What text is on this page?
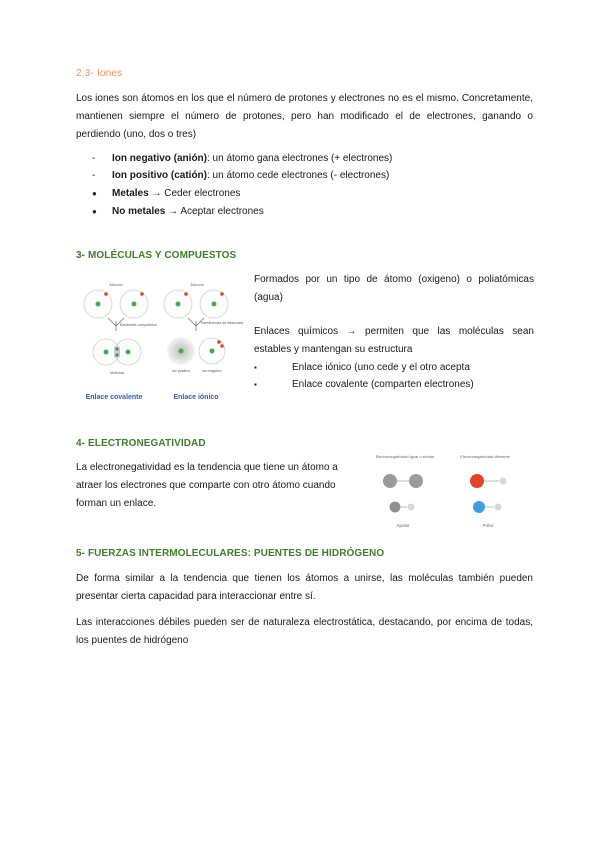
2.3- Iones

Los iones son átomos en los que el número de protones y electrones no es el mismo. Concretamente, mantienen siempre el número de protones, pero han modificado el de electrones, ganando o perdiendo (uno, dos o tres)

- Ion negativo (anión): un átomo gana electrones (+ electrones)
- Ion positivo (catión): un átomo cede electrones (- electrones)
● Metales → Ceder electrones
● No metales → Aceptar electrones
3- MOLÉCULAS Y COMPUESTOS
Átomos	Átomos
Electrones compartidos
Molécula
Transferencia de electrones
Ion positivo	Ion negativo
Enlace covalente	Enlace iónico

Formados por un tipo de átomo (oxigeno) o poliatómicas (agua)

Enlaces químicos → permiten que las moléculas sean estables y mantengan su estructura

▪	Enlace iónico (uno cede y el otro acepta
▪	Enlace covalente (comparten electrones)
4- ELECTRONEGATIVIDAD

La electronegatividad es la tendencia que tiene un átomo a atraer los electrones que comparte con otro átomo cuando forman un enlace.

Electronegatividad igual o similar	Electronegatividad diferente
Apolar	Polar
5- FUERZAS INTERMOLECULARES: PUENTES DE HIDRÓGENO

De forma similar a la tendencia que tienen los átomos a unirse, las moléculas también pueden presentar cierta capacidad para interaccionar entre sí.

Las interacciones débiles pueden ser de naturaleza electrostática, destacando, por encima de todas, los puentes de hidrógeno
